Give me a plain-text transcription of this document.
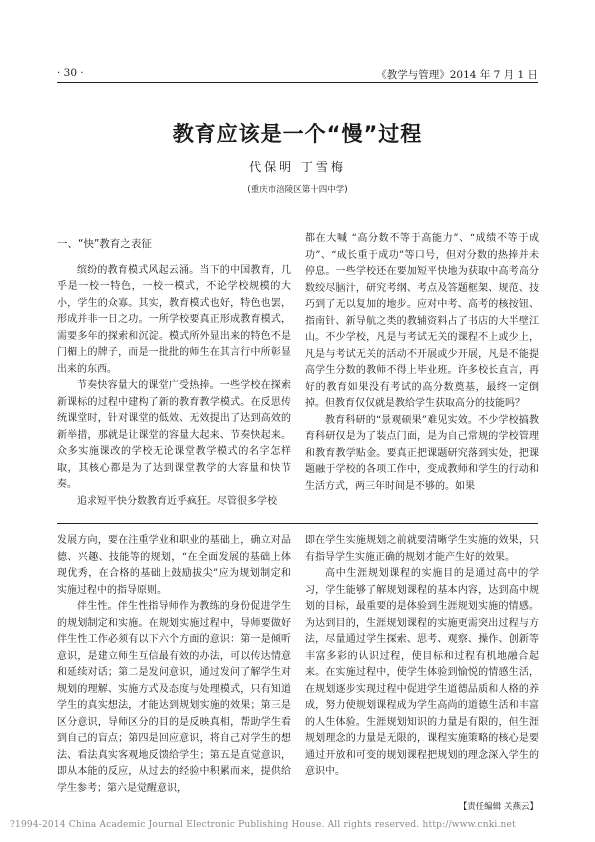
· 30 ·	《教学与管理》2014 年 7 月 1 日
教育应该是一个“慢”过程
代保明 丁雪梅
(重庆市涪陵区第十四中学)

一、“快”教育之表征

缤纷的教育模式风起云涌。当下的中国教育，几乎是一校一特色，一校一模式，不论学校规模的大小，学生的众寡。其实，教育模式也好，特色也罢，形成并非一日之功。一所学校要真正形成教育模式，需要多年的探索和沉淀。模式所外显出来的特色不是门楣上的牌子，而是一批批的师生在其言行中所彰显出来的东西。

节奏快容量大的课堂广受热捧。一些学校在探索新课标的过程中建构了新的教育教学模式。在反思传统课堂时，针对课堂的低效、无效提出了达到高效的新举措，那就是让课堂的容量大起来、节奏快起来。众多实施课改的学校无论课堂教学模式的名字怎样取，其核心都是为了达到课堂教学的大容量和快节奏。

追求短平快分数教育近乎疯狂。尽管很多学校

都在大喊 “高分数不等于高能力”、“成绩不等于成功”、“成长重于成功”等口号，但对分数的热捧并未停息。一些学校还在要加短平快地为获取中高考高分数绞尽脑汁，研究考纲、考点及答题框架、规范、技巧到了无以复加的地步。应对中考、高考的核按钮、指南针、新导航之类的教辅资料占了书店的大半壁江山。不少学校，凡是与考试无关的课程不上或少上，凡是与考试无关的活动不开展或少开展，凡是不能提高学生分数的教师不得上毕业班。许多校长直言，再好的教育如果没有考试的高分数奠基，最终一定倒掉。但教育仅仅就是教给学生获取高分的技能吗？

教育科研的“景观硕果”难见实效。不少学校搞教育科研仅是为了装点门面，是为自己常规的学校管理和教育教学贴金。要真正把课题研究落到实处，把课题融于学校的各项工作中，变成教师和学生的行动和生活方式，两三年时间是不够的。如果

发展方向，要在注重学业和职业的基础上，确立对品德、兴趣、技能等的规划，“在全面发展的基础上体现优秀，在合格的基础上鼓励拔尖”应为规划制定和实施过程中的指导原则。

伴生性。伴生性指导师作为教练的身份促进学生的规划制定和实施。在规划实施过程中，导师要做好伴生性工作必须有以下六个方面的意识：第一是倾听意识，是建立师生互信最有效的办法，可以传达情意和延续对话；第二是发问意识，通过发问了解学生对规划的理解、实施方式及态度与处理模式，只有知道学生的真实想法，才能达到规划实施的效果；第三是区分意识，导师区分的目的是反映真相，帮助学生看到自己的盲点；第四是回应意识，将自己对学生的想法、看法真实客观地反馈给学生；第五是直觉意识，即从本能的反应，从过去的经验中积累而来，提供给学生参考；第六是觉醒意识，

即在学生实施规划之前就要清晰学生实施的效果，只有指导学生实施正确的规划才能产生好的效果。

高中生涯规划课程的实施目的是通过高中的学习，学生能够了解规划课程的基本内容，达到高中规划的目标，最重要的是体验到生涯规划实施的情感。为达到目的，生涯规划课程的实施更需突出过程与方法，尽量通过学生探索、思考、观察、操作、创新等丰富多彩的认识过程，使目标和过程有机地融合起来。在实施过程中，使学生体验到愉悦的情感生活，在规划逐步实现过程中促进学生道德品质和人格的养成，努力使规划课程成为学生高尚的道德生活和丰富的人生体验。生涯规划知识的力量是有限的，但生涯规划理念的力量是无限的，课程实施策略的核心是要通过开放和可变的规划课程把规划的理念深入学生的意识中。

【责任编辑 关燕云】
?1994-2014 China Academic Journal Electronic Publishing House. All rights reserved. http://www.cnki.net
